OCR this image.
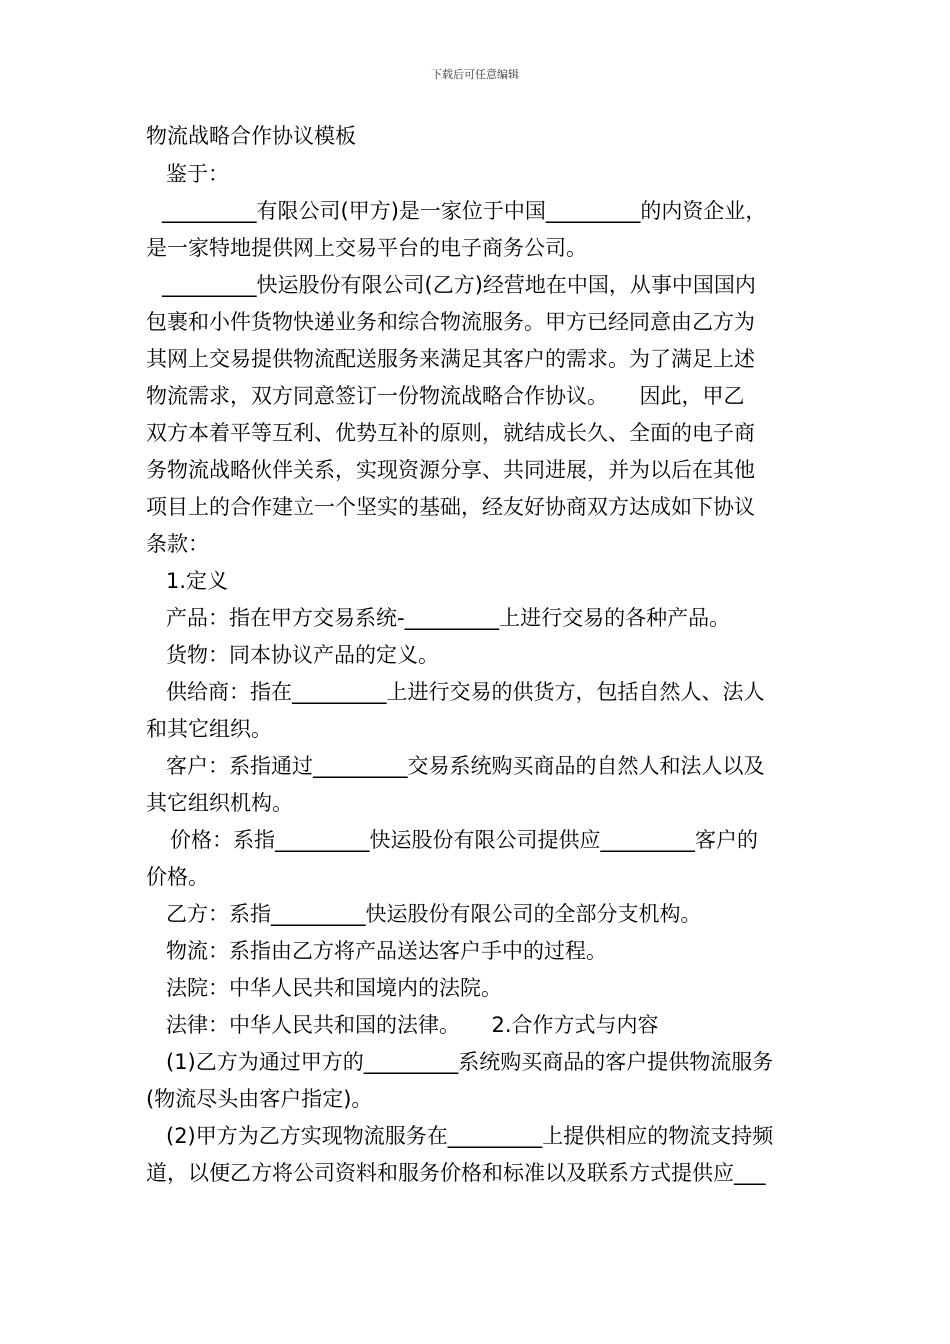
下载后可任意编辑
物流战略合作协议模板
鉴于：
_________有限公司(甲方)是一家位于中国_________的内资企业，
是一家特地提供网上交易平台的电子商务公司。
_________快运股份有限公司(乙方)经营地在中国，从事中国国内
包裹和小件货物快递业务和综合物流服务。甲方已经同意由乙方为
其网上交易提供物流配送服务来满足其客户的需求。为了满足上述
物流需求，双方同意签订一份物流战略合作协议。　　因此，甲乙
双方本着平等互利、优势互补的原则，就结成长久、全面的电子商
务物流战略伙伴关系，实现资源分享、共同进展，并为以后在其他
项目上的合作建立一个坚实的基础，经友好协商双方达成如下协议
条款：
1.定义
产品：指在甲方交易系统-_________上进行交易的各种产品。
货物：同本协议产品的定义。
供给商：指在_________上进行交易的供货方，包括自然人、法人
和其它组织。
客户：系指通过_________交易系统购买商品的自然人和法人以及
其它组织机构。
价格：系指_________快运股份有限公司提供应_________客户的
价格。
乙方：系指_________快运股份有限公司的全部分支机构。
物流：系指由乙方将产品送达客户手中的过程。
法院：中华人民共和国境内的法院。
法律：中华人民共和国的法律。　　2.合作方式与内容
(1)乙方为通过甲方的_________系统购买商品的客户提供物流服务
(物流尽头由客户指定)。
(2)甲方为乙方实现物流服务在_________上提供相应的物流支持频
道，以便乙方将公司资料和服务价格和标准以及联系方式提供应___
